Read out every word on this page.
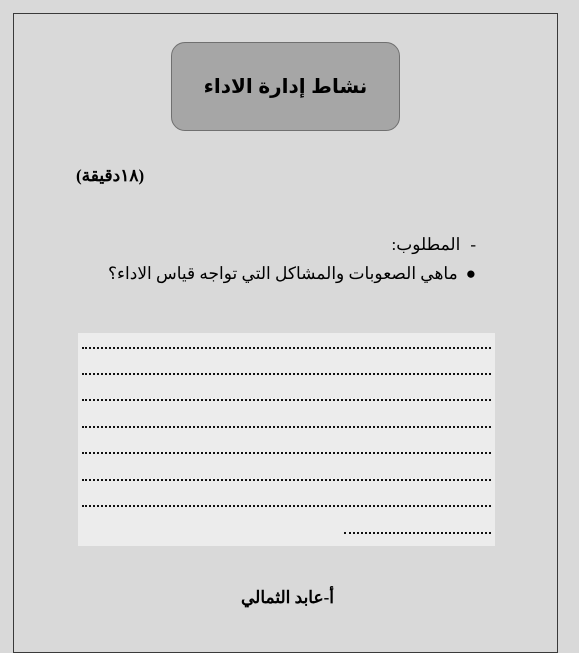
نشاط إدارة الاداء
(١٨دقيقة)
-المطلوب:
●ماهي الصعوبات والمشاكل التي تواجه قياس الاداء؟
أ-عابد الثمالي
